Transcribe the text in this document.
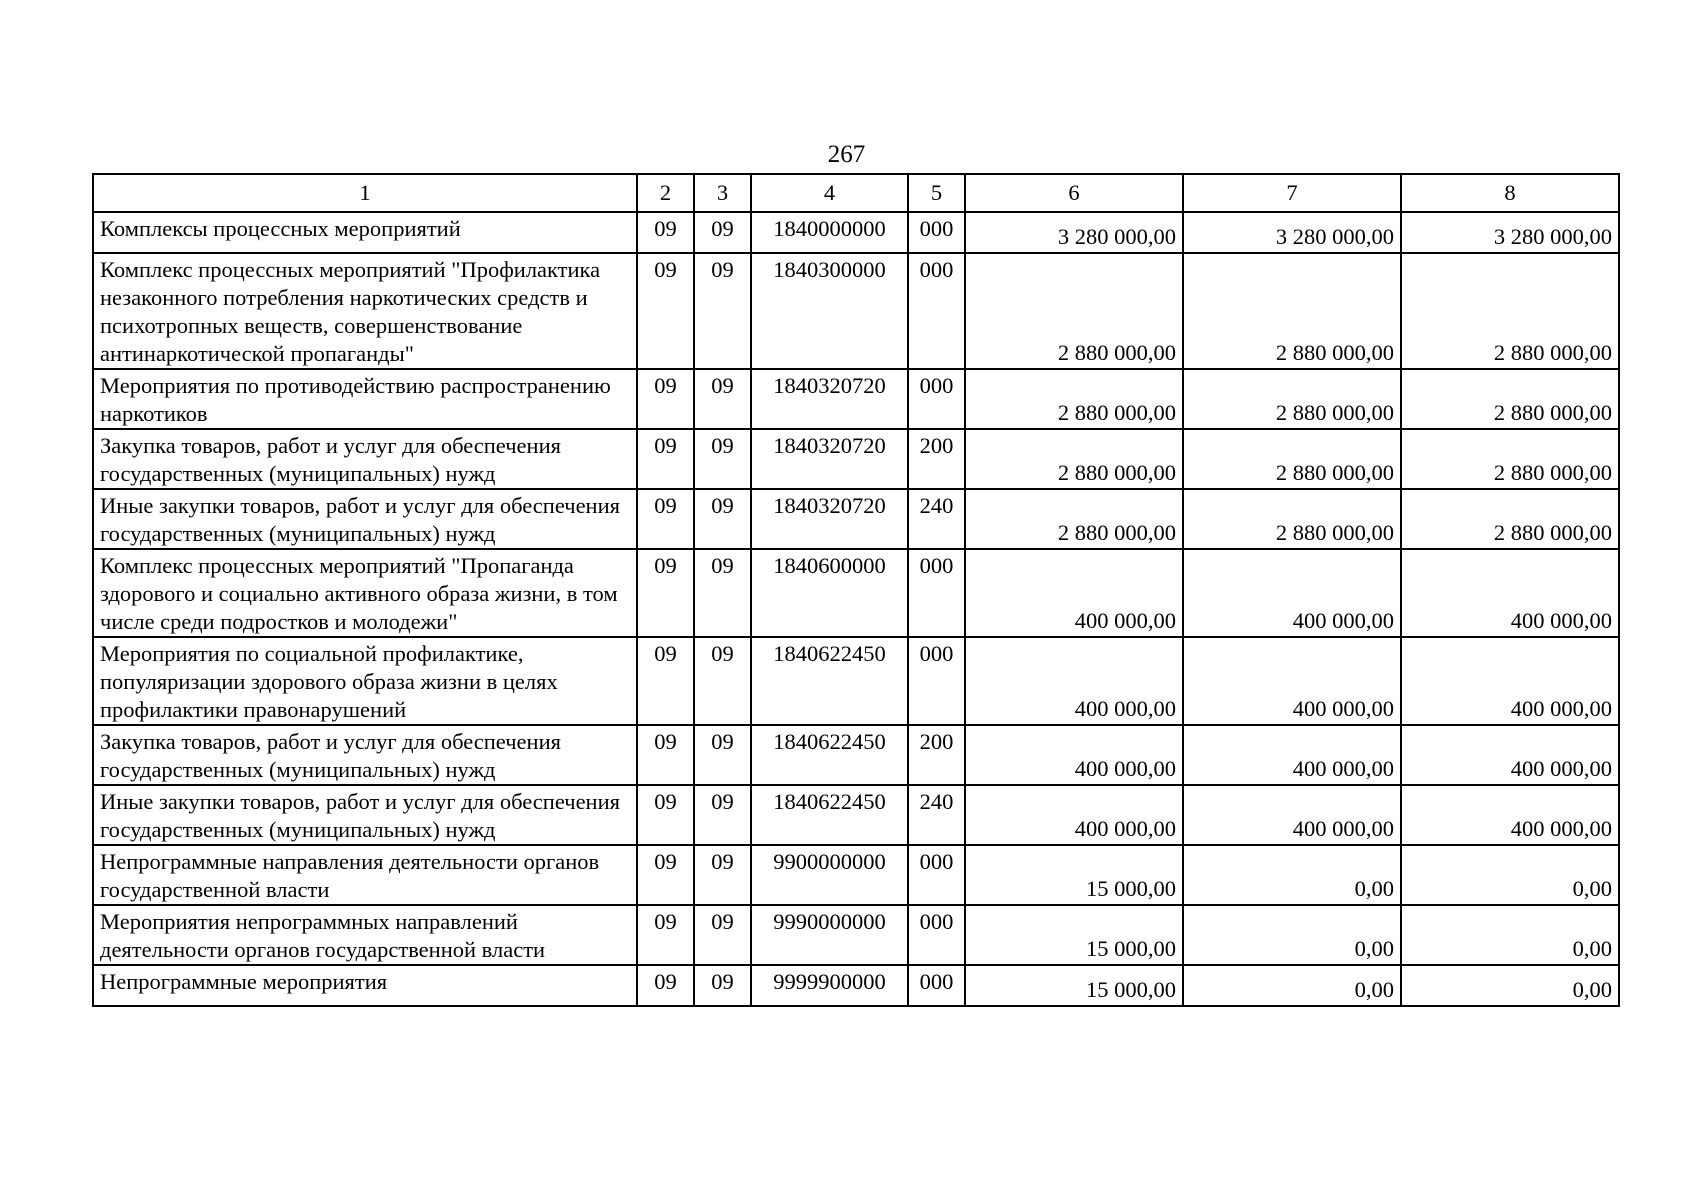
267
1	2	3	4	5	6	7	8
Комплексы процессных мероприятий	09	09	1840000000	000	3 280 000,00	3 280 000,00	3 280 000,00
Комплекс процессных мероприятий "Профилактика незаконного потребления наркотических средств и психотропных веществ, совершенствование антинаркотической пропаганды"	09	09	1840300000	000	2 880 000,00	2 880 000,00	2 880 000,00
Мероприятия по противодействию распространению наркотиков	09	09	1840320720	000	2 880 000,00	2 880 000,00	2 880 000,00
Закупка товаров, работ и услуг для обеспечения государственных (муниципальных) нужд	09	09	1840320720	200	2 880 000,00	2 880 000,00	2 880 000,00
Иные закупки товаров, работ и услуг для обеспечения государственных (муниципальных) нужд	09	09	1840320720	240	2 880 000,00	2 880 000,00	2 880 000,00
Комплекс процессных мероприятий "Пропаганда здорового и социально активного образа жизни, в том числе среди подростков и молодежи"	09	09	1840600000	000	400 000,00	400 000,00	400 000,00
Мероприятия по социальной профилактике, популяризации здорового образа жизни в целях профилактики правонарушений	09	09	1840622450	000	400 000,00	400 000,00	400 000,00
Закупка товаров, работ и услуг для обеспечения государственных (муниципальных) нужд	09	09	1840622450	200	400 000,00	400 000,00	400 000,00
Иные закупки товаров, работ и услуг для обеспечения государственных (муниципальных) нужд	09	09	1840622450	240	400 000,00	400 000,00	400 000,00
Непрограммные направления деятельности органов государственной власти	09	09	9900000000	000	15 000,00	0,00	0,00
Мероприятия непрограммных направлений деятельности органов государственной власти	09	09	9990000000	000	15 000,00	0,00	0,00
Непрограммные мероприятия	09	09	9999900000	000	15 000,00	0,00	0,00
